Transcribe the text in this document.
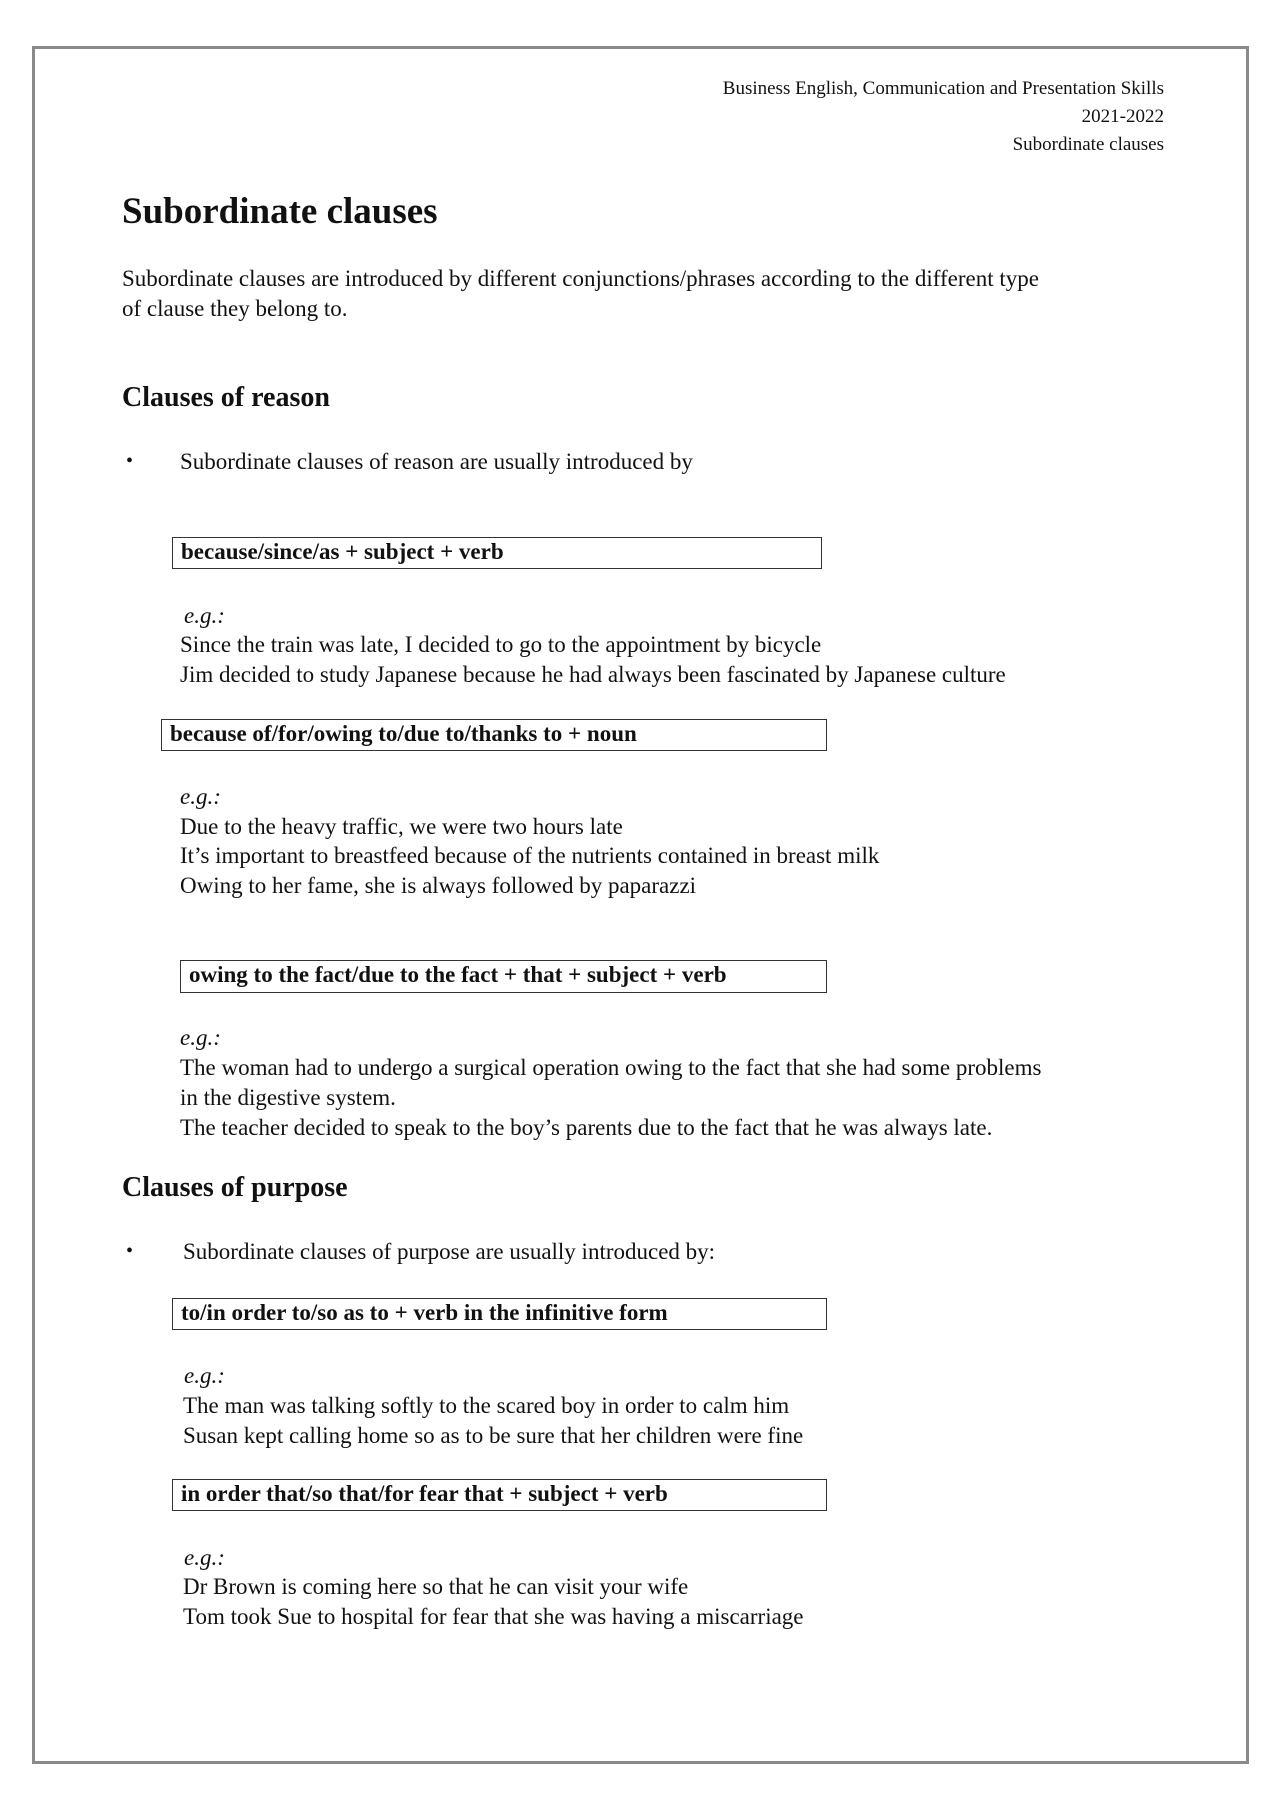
Business English, Communication and Presentation Skills
2021-2022
Subordinate clauses
Subordinate clauses
Subordinate clauses are introduced by different conjunctions/phrases according to the different type
of clause they belong to.
Clauses of reason
• Subordinate clauses of reason are usually introduced by
because/since/as + subject + verb
e.g.:
Since the train was late, I decided to go to the appointment by bicycle
Jim decided to study Japanese because he had always been fascinated by Japanese culture
because of/for/owing to/due to/thanks to + noun
e.g.:
Due to the heavy traffic, we were two hours late
It’s important to breastfeed because of the nutrients contained in breast milk
Owing to her fame, she is always followed by paparazzi
owing to the fact/due to the fact + that + subject + verb
e.g.:
The woman had to undergo a surgical operation owing to the fact that she had some problems
in the digestive system.
The teacher decided to speak to the boy’s parents due to the fact that he was always late.
Clauses of purpose
• Subordinate clauses of purpose are usually introduced by:
to/in order to/so as to + verb in the infinitive form
e.g.:
The man was talking softly to the scared boy in order to calm him
Susan kept calling home so as to be sure that her children were fine
in order that/so that/for fear that + subject + verb
e.g.:
Dr Brown is coming here so that he can visit your wife
Tom took Sue to hospital for fear that she was having a miscarriage
